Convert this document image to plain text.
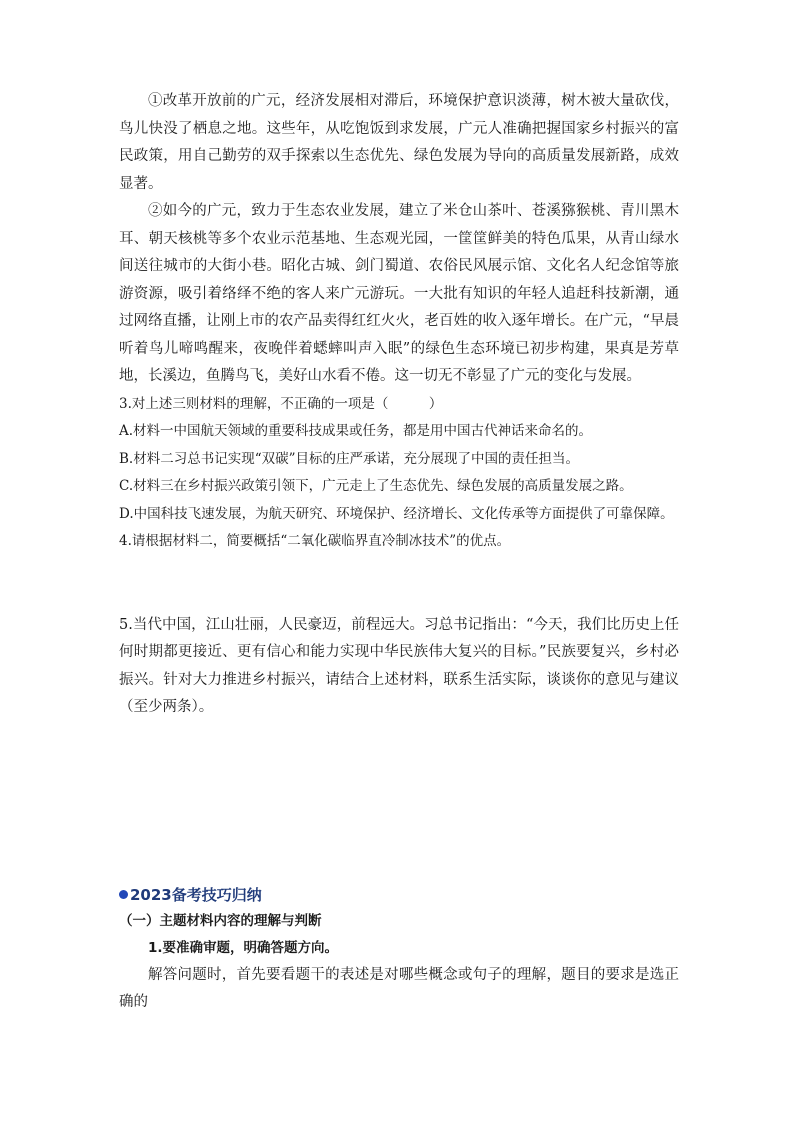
①改革开放前的广元，经济发展相对滞后，环境保护意识淡薄，树木被大量砍伐，鸟儿快没了栖息之地。这些年，从吃饱饭到求发展，广元人准确把握国家乡村振兴的富民政策，用自己勤劳的双手探索以生态优先、绿色发展为导向的高质量发展新路，成效显著。

②如今的广元，致力于生态农业发展，建立了米仓山茶叶、苍溪猕猴桃、青川黑木耳、朝天核桃等多个农业示范基地、生态观光园，一筐筐鲜美的特色瓜果，从青山绿水间送往城市的大街小巷。昭化古城、剑门蜀道、农俗民风展示馆、文化名人纪念馆等旅游资源，吸引着络绎不绝的客人来广元游玩。一大批有知识的年轻人追赶科技新潮，通过网络直播，让刚上市的农产品卖得红红火火，老百姓的收入逐年增长。在广元，“早晨听着鸟儿啼鸣醒来，夜晚伴着蟋蟀叫声入眠”的绿色生态环境已初步构建，果真是芳草地，长溪边，鱼腾鸟飞，美好山水看不倦。这一切无不彰显了广元的变化与发展。

3.对上述三则材料的理解，不正确的一项是（　　　）

A.材料一中国航天领域的重要科技成果或任务，都是用中国古代神话来命名的。

B.材料二习总书记实现“双碳”目标的庄严承诺，充分展现了中国的责任担当。

C.材料三在乡村振兴政策引领下，广元走上了生态优先、绿色发展的高质量发展之路。

D.中国科技飞速发展，为航天研究、环境保护、经济增长、文化传承等方面提供了可靠保障。

4.请根据材料二，简要概括“二氧化碳临界直冷制冰技术”的优点。

5.当代中国，江山壮丽，人民豪迈，前程远大。习总书记指出：“今天，我们比历史上任何时期都更接近、更有信心和能力实现中华民族伟大复兴的目标。”民族要复兴，乡村必振兴。针对大力推进乡村振兴，请结合上述材料，联系生活实际，谈谈你的意见与建议（至少两条）。

2023备考技巧归纳

（一）主题材料内容的理解与判断

1.要准确审题，明确答题方向。

解答问题时，首先要看题干的表述是对哪些概念或句子的理解，题目的要求是选正确的
